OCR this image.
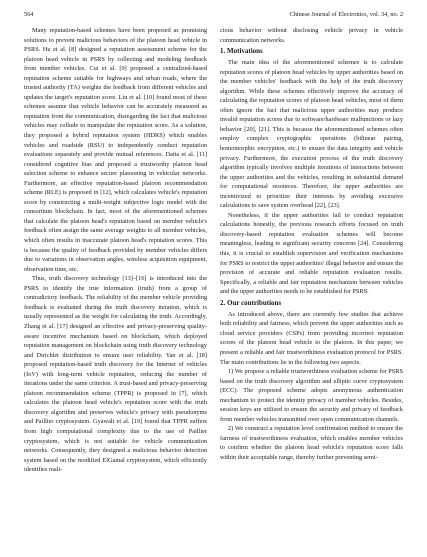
564	Chinese Journal of Electronics, vol. 34, no. 2

Many reputation-based schemes have been proposed as promising solutions to prevent malicious behaviors of the platoon head vehicle in PSRS. Hu et al. [8] designed a reputation assessment scheme for the platoon head vehicle in PSRS by collecting and modeling feedback from member vehicles. Cui et al. [9] proposed a centralized-based reputation scheme suitable for highways and urban roads, where the trusted authority (TA) weights the feedback from different vehicles and updates the target's reputation score. Liu et al. [10] found most of these schemes assume that vehicle behavior can be accurately measured as reputation from the communication, disregarding the fact that malicious vehicles may collude to manipulate the reputation score. As a solution, they proposed a hybrid reputation system (HDRS) which enables vehicles and roadside (RSU) to independently conduct reputation evaluations separately and provide mutual references. Datta et al. [11] considered cognitive bias and proposed a trustworthy platoon head selection scheme to enhance secure platooning in vehicular networks. Furthermore, an effective reputation-based platoon recommendation scheme (RLE) is proposed in [12], which calculates vehicle's reputation score by constructing a multi-weight subjective logic model with the consortium blockchain. In fact, most of the aforementioned schemes that calculate the platoon head's reputation based on member vehicle's feedback often assign the same average weights to all member vehicles, which often results in inaccurate platoon head's reputation scores. This is because the quality of feedback provided by member vehicles differs due to variations in observation angles, wireless acquisition equipment, observation time, etc.

Thus, truth discovery technology [13]–[16] is introduced into the PSRS to identify the true information (truth) from a group of contradictory feedback. The reliability of the member vehicle providing feedback is evaluated during the truth discovery iteration, which is usually represented as the weight for calculating the truth. Accordingly, Zhang et al. [17] designed an effective and privacy-preserving quality-aware incentive mechanism based on blockchain, which deployed reputation management on blockchain using truth discovery technology and Dirichlet distribution to ensure user reliability. Yan et al. [18] proposed reputation-based truth discovery for the Internet of vehicles (IoV) with long-term vehicle reputation, reducing the number of iterations under the same criterion. A trust-based and privacy-preserving platoon recommendation scheme (TPPR) is proposed in [7], which calculates the platoon head vehicle's reputation score with the truth discovery algorithm and preserves vehicle's privacy with pseudonyms and Paillier cryptosystem. Gyawali et al. [19] found that TPPR suffers from high computational complexity due to the use of Paillier cryptosystem, which is not suitable for vehicle communication networks. Consequently, they designed a malicious behavior detection system based on the modified ElGamal cryptosystem, which efficiently identifies mali-

cious behavior without disclosing vehicle privacy in vehicle communication networks.

1. Motivations

The main idea of the aforementioned schemes is to calculate reputation scores of platoon head vehicles by upper authorities based on the member vehicles' feedback with the help of the truth discovery algorithm. While these schemes effectively improve the accuracy of calculating the reputation scores of platoon head vehicles, most of them often ignore the fact that malicious upper authorities may produce invalid reputation scores due to software/hardware malfunctions or lazy behavior [20], [21]. This is because the aforementioned schemes often employ complex cryptographic operations (bilinear pairing, homomorphic encryption, etc.) to ensure the data integrity and vehicle privacy. Furthermore, the execution process of the truth discovery algorithm typically involves multiple iterations of interactions between the upper authorities and the vehicles, resulting in substantial demand for computational resources. Therefore, the upper authorities are incentivized to prioritize their interests by avoiding excessive calculations to save system overhead [22], [23].

Nonetheless, if the upper authorities fail to conduct reputation calculations honestly, the previous research efforts focused on truth discovery-based reputation evaluation schemes will become meaningless, leading to significant security concerns [24]. Considering this, it is crucial to establish supervision and verification mechanisms for PSRS to restrict the upper authorities' illegal behavior and ensure the provision of accurate and reliable reputation evaluation results. Specifically, a reliable and fair reputation mechanism between vehicles and the upper authorities needs to be established for PSRS.

2. Our contributions

As introduced above, there are currently few studies that achieve both reliability and fairness, which prevent the upper authorities such as cloud service providers (CSPs) from providing incorrect reputation scores of the platoon head vehicle to the platoon. In this paper, we present a reliable and fair trustworthiness evaluation protocol for PSRS. The main contributions lie in the following two aspects.

1) We propose a reliable trustworthiness evaluation scheme for PSRS based on the truth discovery algorithm and elliptic curve cryptosystem (ECC). The proposed scheme adopts anonymous authentication mechanism to protect the identity privacy of member vehicles. Besides, session keys are utilized to ensure the security and privacy of feedback from member vehicles transmitted over open communication channels.

2) We construct a reputation level confirmation method to ensure the fairness of trustworthiness evaluation, which enables member vehicles to confirm whether the platoon head vehicle's reputation score falls within their acceptable range, thereby further preventing semi-
